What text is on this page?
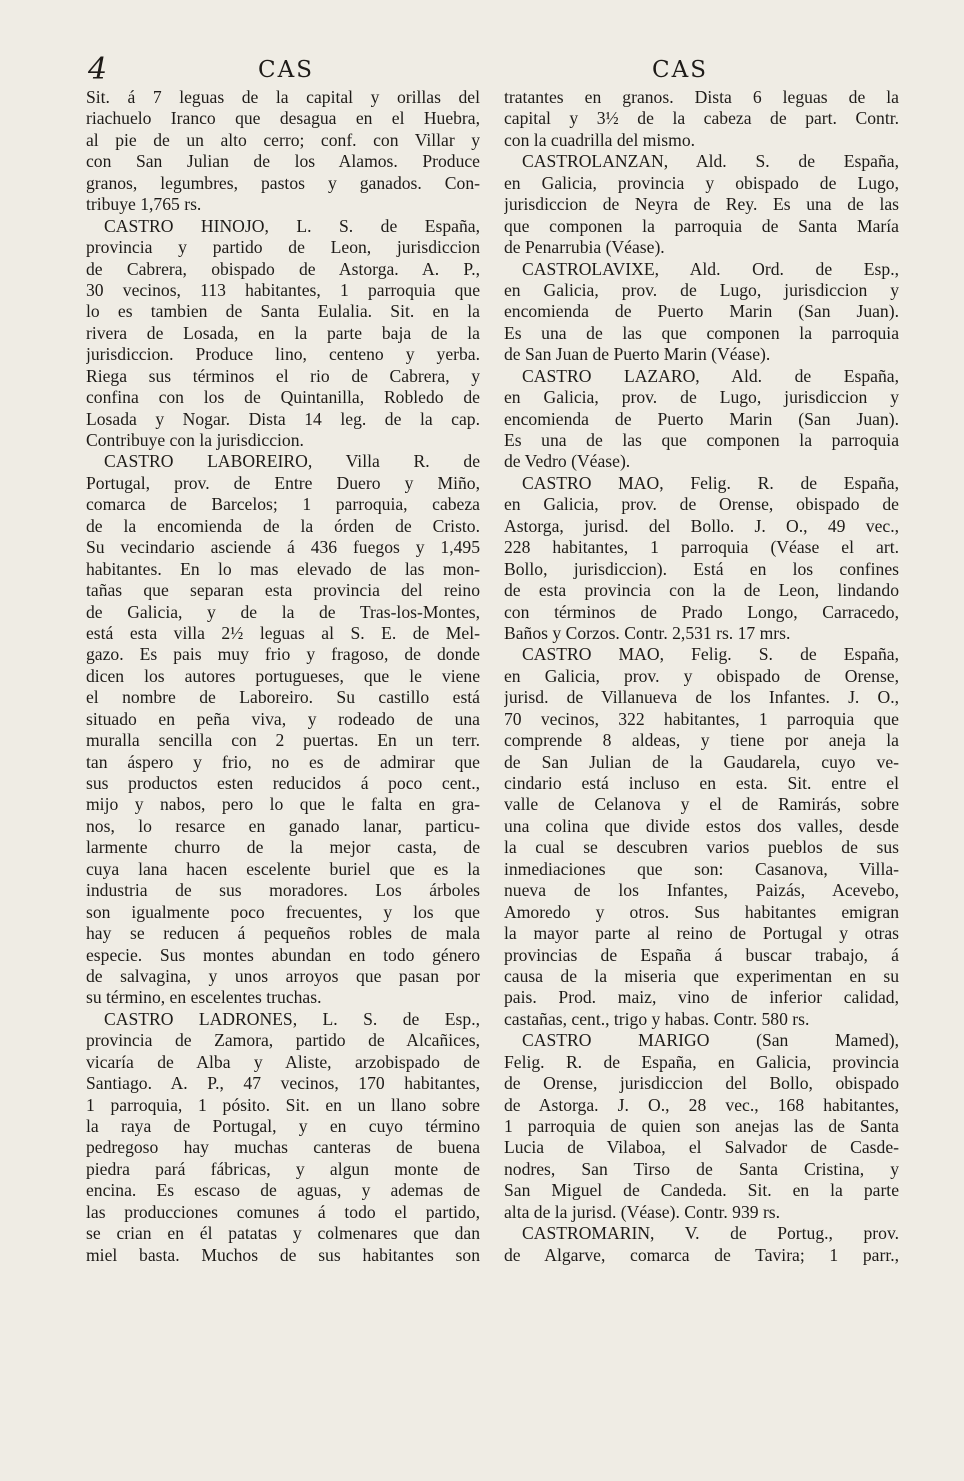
4	CAS	CAS
Sit. á 7 leguas de la capital y orillas del
riachuelo Iranco que desagua en el Huebra,
al pie de un alto cerro; conf. con Villar y
con San Julian de los Alamos. Produce
granos, legumbres, pastos y ganados. Con-
tribuye 1,765 rs.
CASTRO HINOJO, L. S. de España,
provincia y partido de Leon, jurisdiccion
de Cabrera, obispado de Astorga. A. P.,
30 vecinos, 113 habitantes, 1 parroquia que
lo es tambien de Santa Eulalia. Sit. en la
rivera de Losada, en la parte baja de la
jurisdiccion. Produce lino, centeno y yerba.
Riega sus términos el rio de Cabrera, y
confina con los de Quintanilla, Robledo de
Losada y Nogar. Dista 14 leg. de la cap.
Contribuye con la jurisdiccion.
CASTRO LABOREIRO, Villa R. de
Portugal, prov. de Entre Duero y Miño,
comarca de Barcelos; 1 parroquia, cabeza
de la encomienda de la órden de Cristo.
Su vecindario asciende á 436 fuegos y 1,495
habitantes. En lo mas elevado de las mon-
tañas que separan esta provincia del reino
de Galicia, y de la de Tras-los-Montes,
está esta villa 2½ leguas al S. E. de Mel-
gazo. Es pais muy frio y fragoso, de donde
dicen los autores portugueses, que le viene
el nombre de Laboreiro. Su castillo está
situado en peña viva, y rodeado de una
muralla sencilla con 2 puertas. En un terr.
tan áspero y frio, no es de admirar que
sus productos esten reducidos á poco cent.,
mijo y nabos, pero lo que le falta en gra-
nos, lo resarce en ganado lanar, particu-
larmente churro de la mejor casta, de
cuya lana hacen escelente buriel que es la
industria de sus moradores. Los árboles
son igualmente poco frecuentes, y los que
hay se reducen á pequeños robles de mala
especie. Sus montes abundan en todo género
de salvagina, y unos arroyos que pasan por
su término, en escelentes truchas.
CASTRO LADRONES, L. S. de Esp.,
provincia de Zamora, partido de Alcañices,
vicaría de Alba y Aliste, arzobispado de
Santiago. A. P., 47 vecinos, 170 habitantes,
1 parroquia, 1 pósito. Sit. en un llano sobre
la raya de Portugal, y en cuyo término
pedregoso hay muchas canteras de buena
piedra pará fábricas, y algun monte de
encina. Es escaso de aguas, y ademas de
las producciones comunes á todo el partido,
se crian en él patatas y colmenares que dan
miel basta. Muchos de sus habitantes son
tratantes en granos. Dista 6 leguas de la
capital y 3½ de la cabeza de part. Contr.
con la cuadrilla del mismo.
CASTROLANZAN, Ald. S. de España,
en Galicia, provincia y obispado de Lugo,
jurisdiccion de Neyra de Rey. Es una de las
que componen la parroquia de Santa María
de Penarrubia (Véase).
CASTROLAVIXE, Ald. Ord. de Esp.,
en Galicia, prov. de Lugo, jurisdiccion y
encomienda de Puerto Marin (San Juan).
Es una de las que componen la parroquia
de San Juan de Puerto Marin (Véase).
CASTRO LAZARO, Ald. de España,
en Galicia, prov. de Lugo, jurisdiccion y
encomienda de Puerto Marin (San Juan).
Es una de las que componen la parroquia
de Vedro (Véase).
CASTRO MAO, Felig. R. de España,
en Galicia, prov. de Orense, obispado de
Astorga, jurisd. del Bollo. J. O., 49 vec.,
228 habitantes, 1 parroquia (Véase el art.
Bollo, jurisdiccion). Está en los confines
de esta provincia con la de Leon, lindando
con términos de Prado Longo, Carracedo,
Baños y Corzos. Contr. 2,531 rs. 17 mrs.
CASTRO MAO, Felig. S. de España,
en Galicia, prov. y obispado de Orense,
jurisd. de Villanueva de los Infantes. J. O.,
70 vecinos, 322 habitantes, 1 parroquia que
comprende 8 aldeas, y tiene por aneja la
de San Julian de la Gaudarela, cuyo ve-
cindario está incluso en esta. Sit. entre el
valle de Celanova y el de Ramirás, sobre
una colina que divide estos dos valles, desde
la cual se descubren varios pueblos de sus
inmediaciones que son: Casanova, Villa-
nueva de los Infantes, Paizás, Acevebo,
Amoredo y otros. Sus habitantes emigran
la mayor parte al reino de Portugal y otras
provincias de España á buscar trabajo, á
causa de la miseria que experimentan en su
pais. Prod. maiz, vino de inferior calidad,
castañas, cent., trigo y habas. Contr. 580 rs.
CASTRO MARIGO (San Mamed),
Felig. R. de España, en Galicia, provincia
de Orense, jurisdiccion del Bollo, obispado
de Astorga. J. O., 28 vec., 168 habitantes,
1 parroquia de quien son anejas las de Santa
Lucia de Vilaboa, el Salvador de Casde-
nodres, San Tirso de Santa Cristina, y
San Miguel de Candeda. Sit. en la parte
alta de la jurisd. (Véase). Contr. 939 rs.
CASTROMARIN, V. de Portug., prov.
de Algarve, comarca de Tavira; 1 parr.,
